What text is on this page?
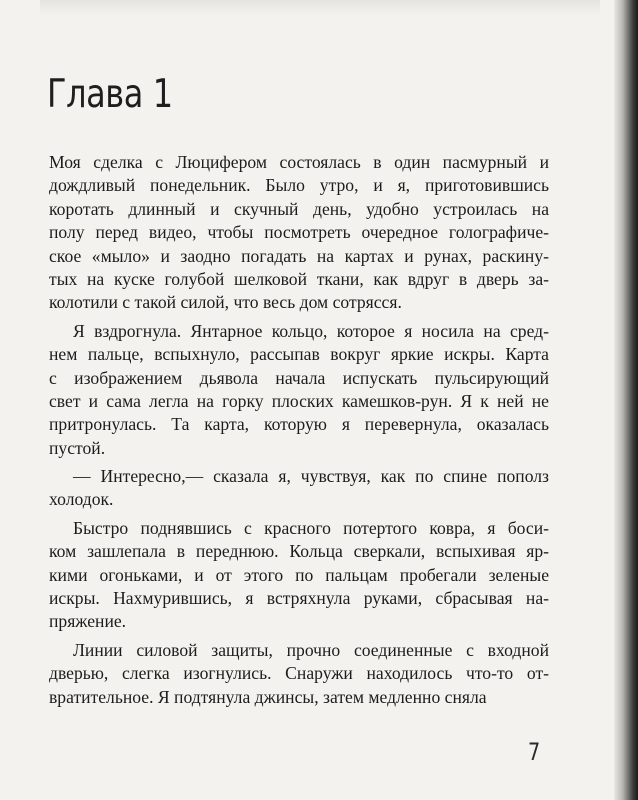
Глава 1
Моя сделка с Люцифером состоялась в один пасмурный и
дождливый понедельник. Было утро, и я, приготовившись
коротать длинный и скучный день, удобно устроилась на
полу перед видео, чтобы посмотреть очередное голографиче-
ское «мыло» и заодно погадать на картах и рунах, раскину-
тых на куске голубой шелковой ткани, как вдруг в дверь за-
колотили с такой силой, что весь дом сотрясся.
Я вздрогнула. Янтарное кольцо, которое я носила на сред-
нем пальце, вспыхнуло, рассыпав вокруг яркие искры. Карта
с изображением дьявола начала испускать пульсирующий
свет и сама легла на горку плоских камешков-рун. Я к ней не
притронулась. Та карта, которую я перевернула, оказалась
пустой.
— Интересно,— сказала я, чувствуя, как по спине пополз
холодок.
Быстро поднявшись с красного потертого ковра, я боси-
ком зашлепала в переднюю. Кольца сверкали, вспыхивая яр-
кими огоньками, и от этого по пальцам пробегали зеленые
искры. Нахмурившись, я встряхнула руками, сбрасывая на-
пряжение.
Линии силовой защиты, прочно соединенные с входной
дверью, слегка изогнулись. Снаружи находилось что-то от-
вратительное. Я подтянула джинсы, затем медленно сняла
7
